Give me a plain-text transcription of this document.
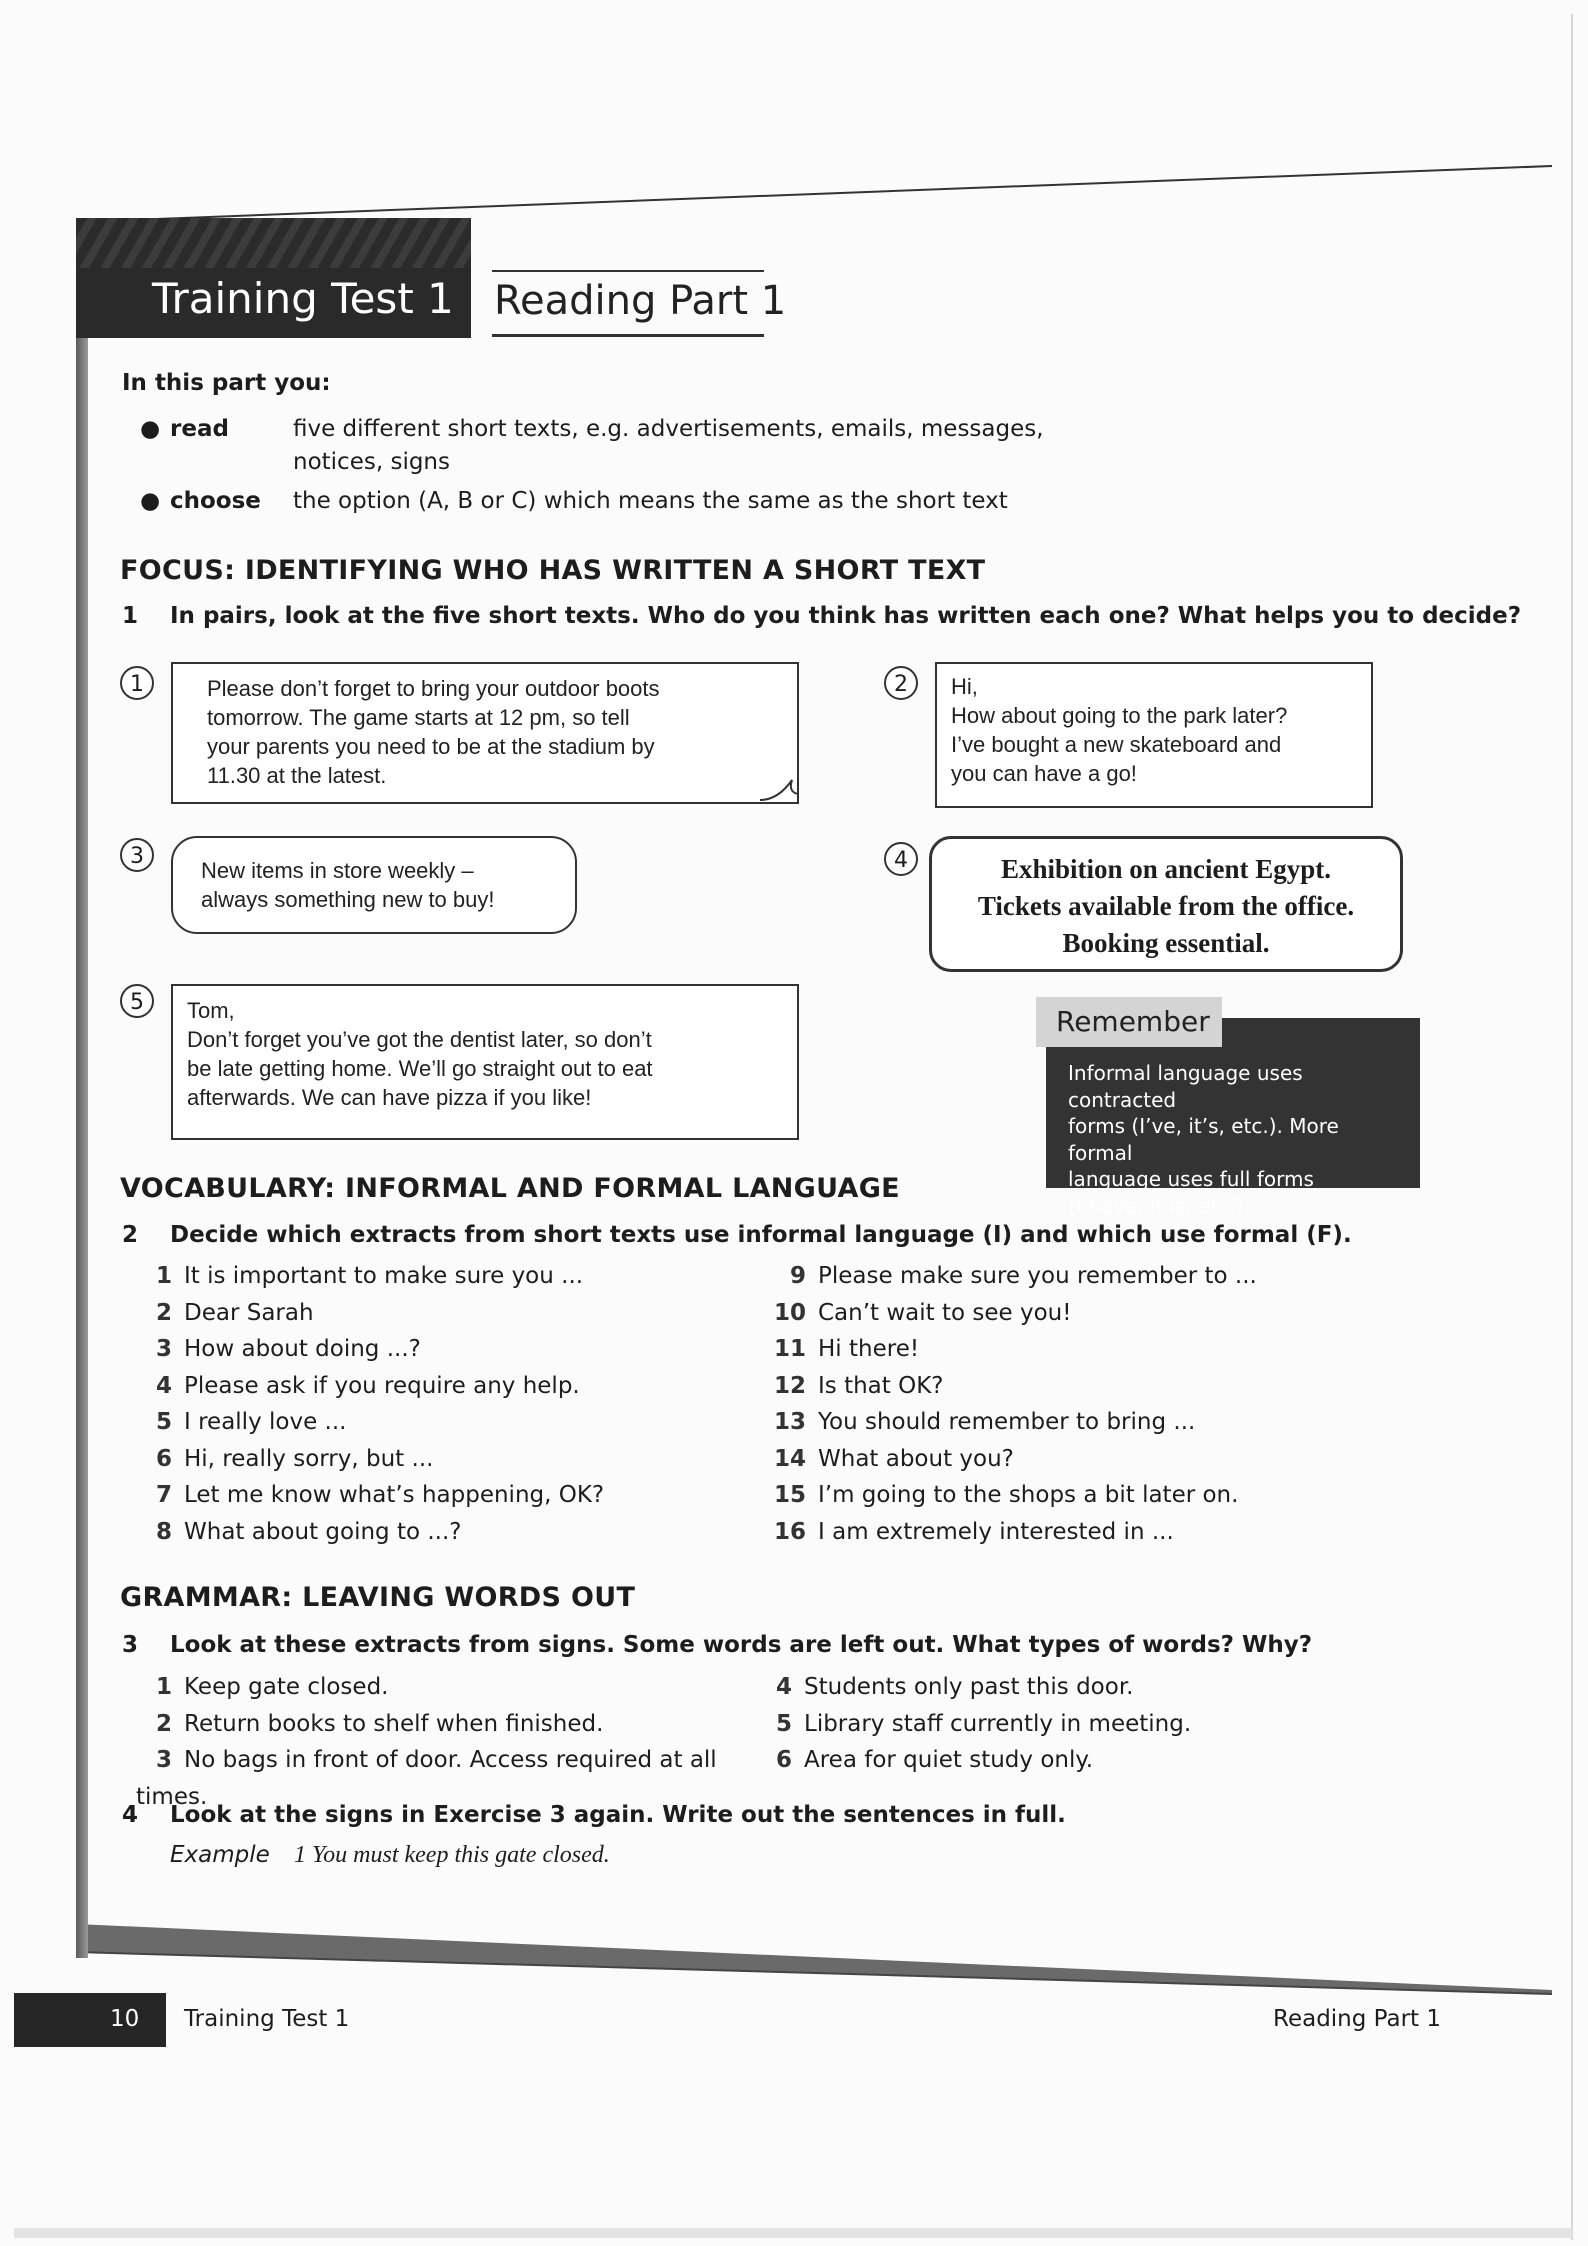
Training Test 1 Reading Part 1
In this part you:
● read	five different short texts, e.g. advertisements, emails, messages,
notices, signs
● choose the option (A, B or C) which means the same as the short text
FOCUS: IDENTIFYING WHO HAS WRITTEN A SHORT TEXT
1 In pairs, look at the five short texts. Who do you think has written each one? What helps you to decide?
1	Please don’t forget to bring your outdoor boots

tomorrow. The game starts at 12 pm, so tell

your parents you need to be at the stadium by

11.30 at the latest.

2	Hi,

How about going to the park later?

I’ve bought a new skateboard and

you can have a go!

3

New items in store weekly –

always something new to buy!

4	Exhibition on ancient Egypt.

Tickets available from the office.

Booking essential.

5	Tom,

Don’t forget you’ve got the dentist later, so don’t

be late getting home. We’ll go straight out to eat

afterwards. We can have pizza if you like!

Informal language uses contracted
forms (I’ve, it’s, etc.). More formal
language uses full forms
(I have, it is, etc.).
Remember
VOCABULARY: INFORMAL AND FORMAL LANGUAGE
2 Decide which extracts from short texts use informal language (I) and which use formal (F).
1 It is important to make sure you ...
2 Dear Sarah
3 How about doing ...?
4 Please ask if you require any help.
5 I really love ...
6 Hi, really sorry, but ...
7 Let me know what’s happening, OK?
8 What about going to ...?
9 Please make sure you remember to ...
10 Can’t wait to see you!
11 Hi there!
12 Is that OK?
13 You should remember to bring ...
14 What about you?
15 I’m going to the shops a bit later on.
16 I am extremely interested in ...
GRAMMAR: LEAVING WORDS OUT
3 Look at these extracts from signs. Some words are left out. What types of words? Why?
1 Keep gate closed.
2 Return books to shelf when finished.
3 No bags in front of door. Access required at all times.
4 Students only past this door.
5 Library staff currently in meeting.
6 Area for quiet study only.
4 Look at the signs in Exercise 3 again. Write out the sentences in full.
Example 1 You must keep this gate closed.
10 Training Test 1	Reading Part 1
